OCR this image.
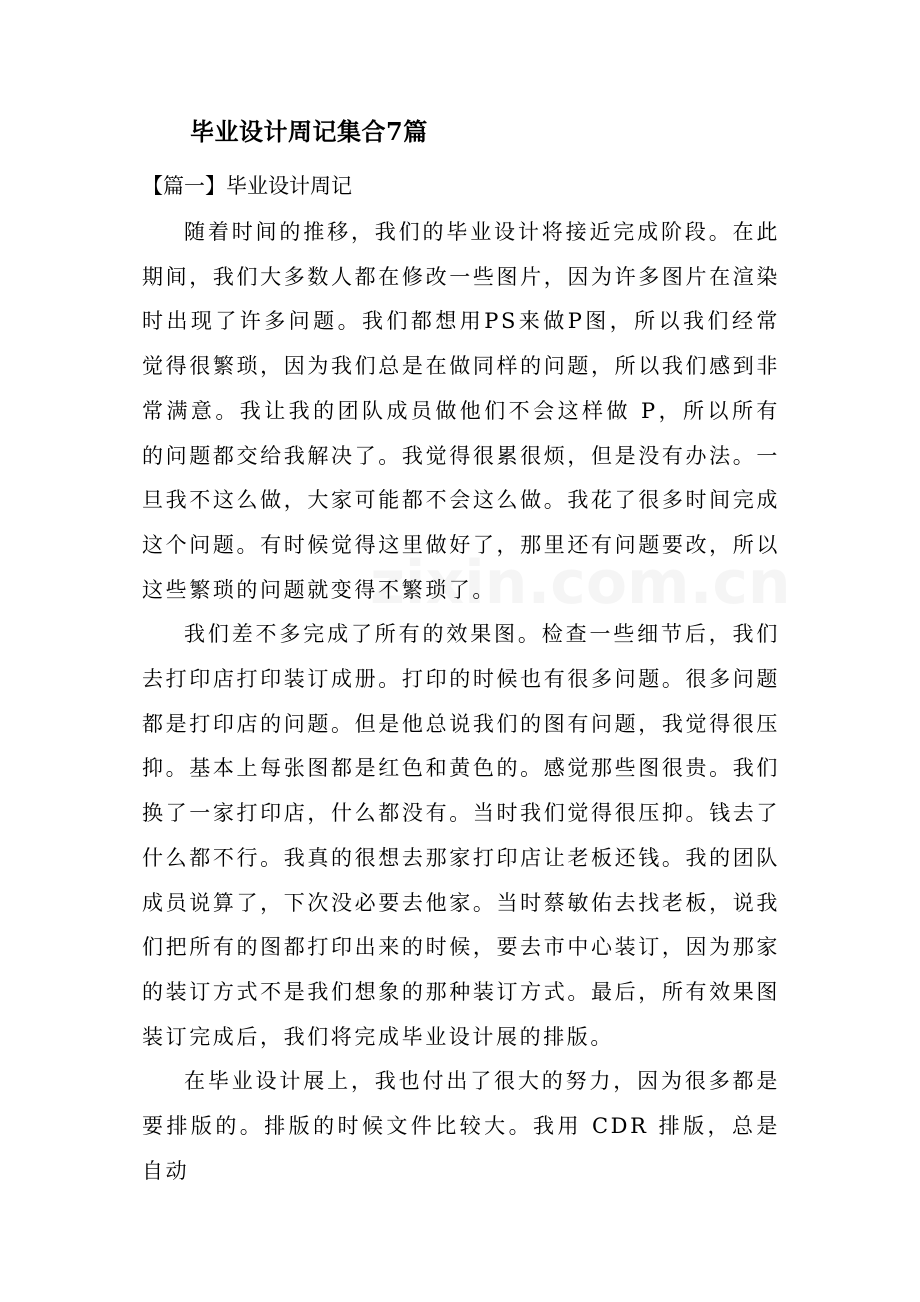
毕业设计周记集合7篇
【篇一】毕业设计周记

随着时间的推移，我们的毕业设计将接近完成阶段。在此期间，我们大多数人都在修改一些图片，因为许多图片在渲染时出现了许多问题。我们都想用PS来做P图，所以我们经常觉得很繁琐，因为我们总是在做同样的问题，所以我们感到非常满意。我让我的团队成员做他们不会这样做 P，所以所有的问题都交给我解决了。我觉得很累很烦，但是没有办法。一旦我不这么做，大家可能都不会这么做。我花了很多时间完成这个问题。有时候觉得这里做好了，那里还有问题要改，所以这些繁琐的问题就变得不繁琐了。

我们差不多完成了所有的效果图。检查一些细节后，我们去打印店打印装订成册。打印的时候也有很多问题。很多问题都是打印店的问题。但是他总说我们的图有问题，我觉得很压抑。基本上每张图都是红色和黄色的。感觉那些图很贵。我们换了一家打印店，什么都没有。当时我们觉得很压抑。钱去了什么都不行。我真的很想去那家打印店让老板还钱。我的团队成员说算了，下次没必要去他家。当时蔡敏佑去找老板，说我们把所有的图都打印出来的时候，要去市中心装订，因为那家的装订方式不是我们想象的那种装订方式。最后，所有效果图装订完成后，我们将完成毕业设计展的排版。

在毕业设计展上，我也付出了很大的努力，因为很多都是要排版的。排版的时候文件比较大。我用 CDR 排版，总是自动
